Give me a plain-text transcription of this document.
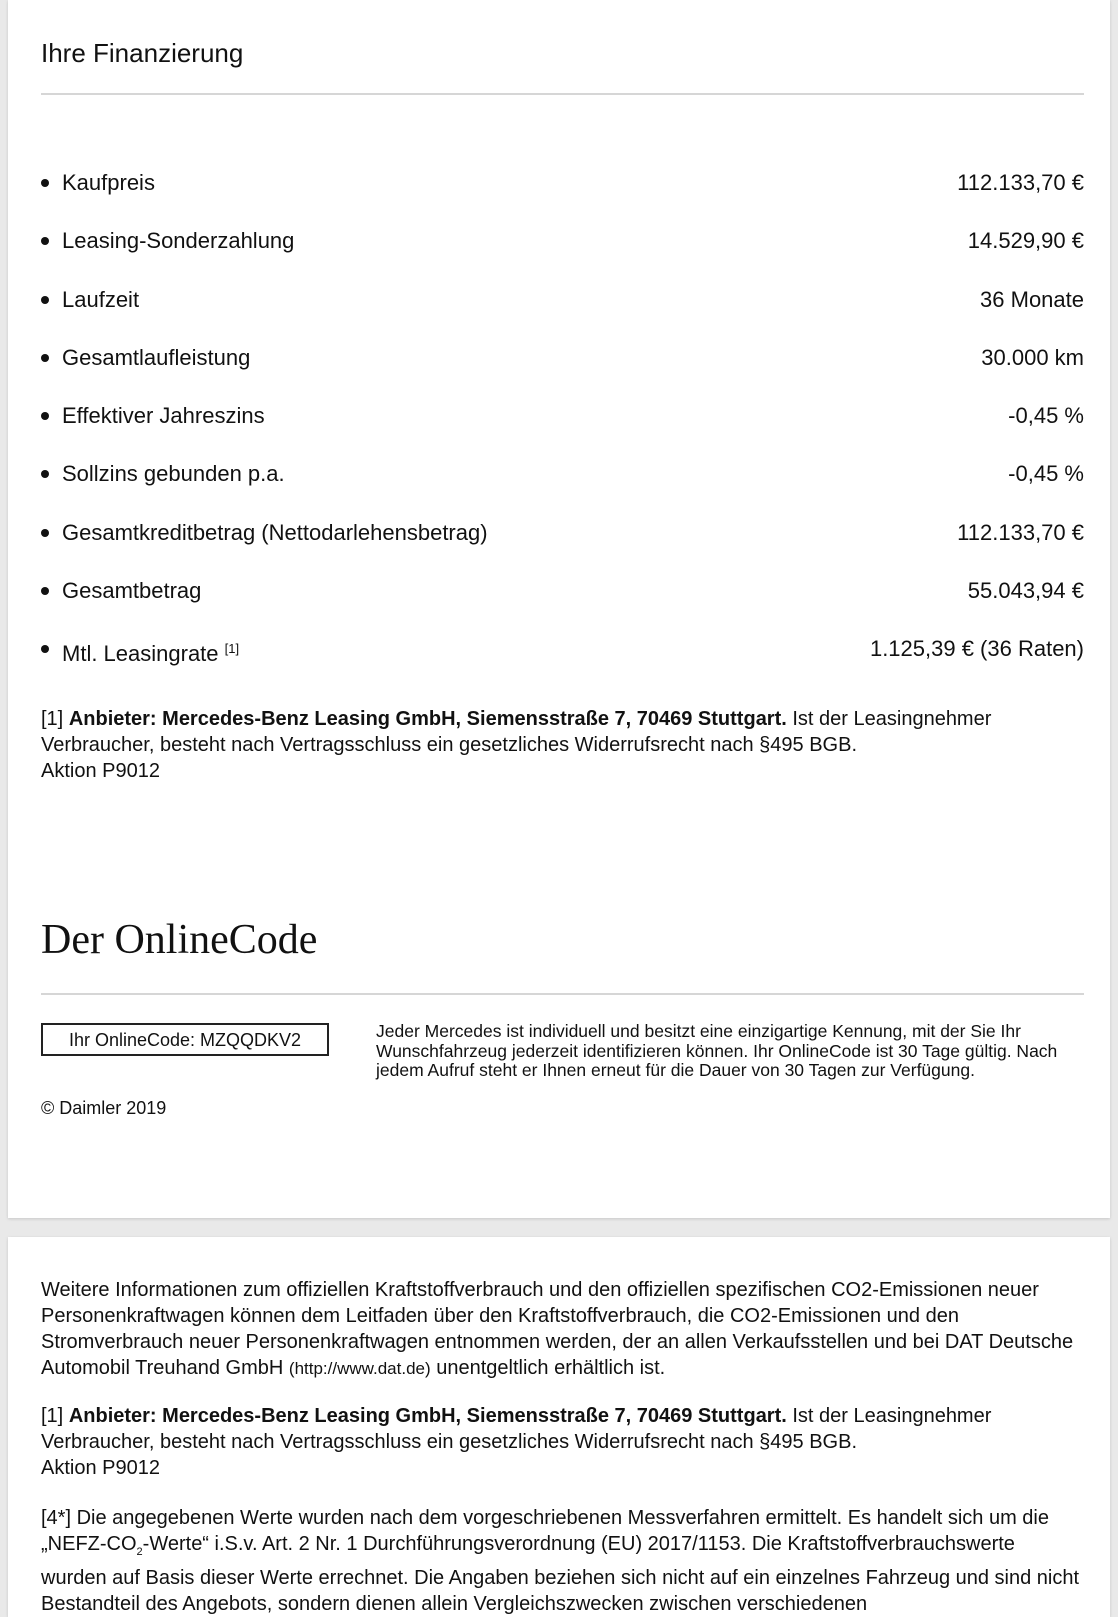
Ihre Finanzierung
Kaufpreis	112.133,70 €
Leasing-Sonderzahlung	14.529,90 €
Laufzeit	36 Monate
Gesamtlaufleistung	30.000 km
Effektiver Jahreszins	-0,45 %
Sollzins gebunden p.a.	-0,45 %
Gesamtkreditbetrag (Nettodarlehensbetrag)	112.133,70 €
Gesamtbetrag	55.043,94 €
Mtl. Leasingrate [1]	1.125,39 € (36 Raten)
[1] Anbieter: Mercedes-Benz Leasing GmbH, Siemensstraße 7, 70469 Stuttgart. Ist der Leasingnehmer Verbraucher, besteht nach Vertragsschluss ein gesetzliches Widerrufsrecht nach §495 BGB.
Aktion P9012
Der OnlineCode
Ihr OnlineCode: MZQQDKV2
© Daimler 2019
Jeder Mercedes ist individuell und besitzt eine einzigartige Kennung, mit der Sie Ihr Wunschfahrzeug jederzeit identifizieren können. Ihr OnlineCode ist 30 Tage gültig. Nach jedem Aufruf steht er Ihnen erneut für die Dauer von 30 Tagen zur Verfügung.
Weitere Informationen zum offiziellen Kraftstoffverbrauch und den offiziellen spezifischen CO2-Emissionen neuer Personenkraftwagen können dem Leitfaden über den Kraftstoffverbrauch, die CO2-Emissionen und den Stromverbrauch neuer Personenkraftwagen entnommen werden, der an allen Verkaufsstellen und bei DAT Deutsche Automobil Treuhand GmbH (http://www.dat.de) unentgeltlich erhältlich ist.
[1] Anbieter: Mercedes-Benz Leasing GmbH, Siemensstraße 7, 70469 Stuttgart. Ist der Leasingnehmer Verbraucher, besteht nach Vertragsschluss ein gesetzliches Widerrufsrecht nach §495 BGB.
Aktion P9012
[4*] Die angegebenen Werte wurden nach dem vorgeschriebenen Messverfahren ermittelt. Es handelt sich um die $„NEFZ-CO_2-Werte“$ i.S.v. Art. 2 Nr. 1 Durchführungsverordnung (EU) 2017/1153. Die Kraftstoffverbrauchswerte wurden auf Basis dieser Werte errechnet. Die Angaben beziehen sich nicht auf ein einzelnes Fahrzeug und sind nicht Bestandteil des Angebots, sondern dienen allein Vergleichszwecken zwischen verschiedenen
